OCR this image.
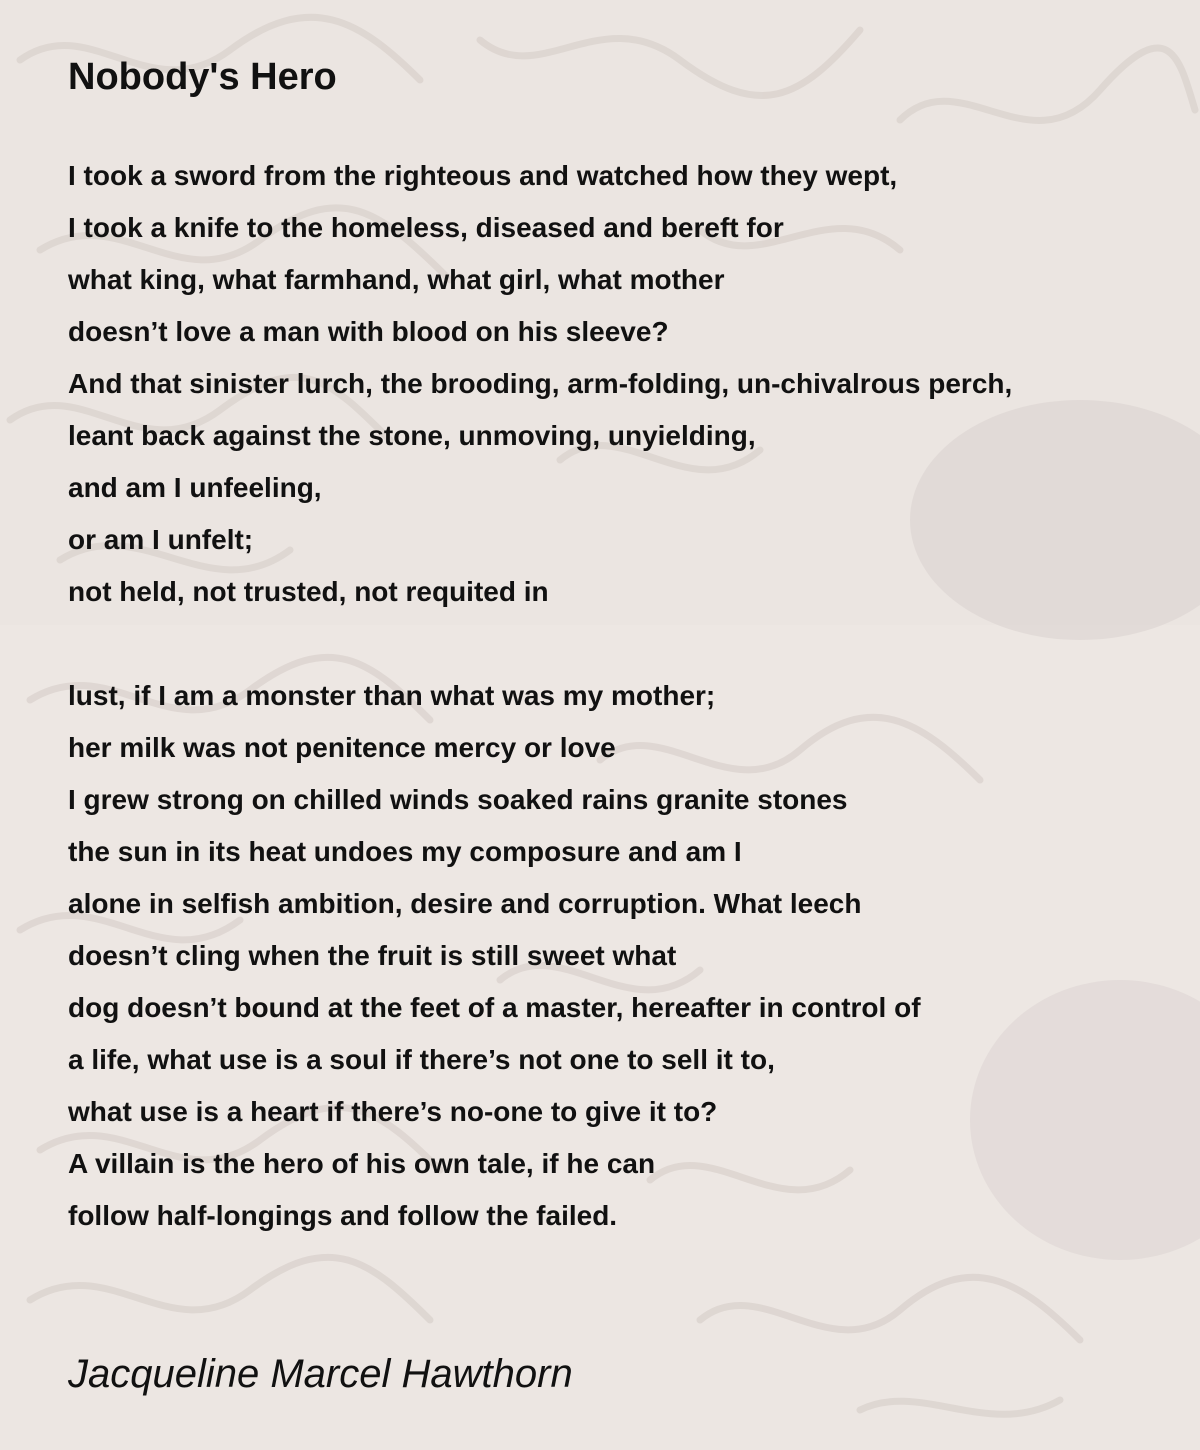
Nobody's Hero
I took a sword from the righteous and watched how they wept,
I took a knife to the homeless, diseased and bereft for
what king, what farmhand, what girl, what mother
doesn’t love a man with blood on his sleeve?
And that sinister lurch, the brooding, arm-folding, un-chivalrous perch,
leant back against the stone, unmoving, unyielding,
and am I unfeeling,
or am I unfelt;
not held, not trusted, not requited in
lust, if I am a monster than what was my mother;
her milk was not penitence mercy or love
I grew strong on chilled winds soaked rains granite stones
the sun in its heat undoes my composure and am I
alone in selfish ambition, desire and corruption. What leech
doesn’t cling when the fruit is still sweet what
dog doesn’t bound at the feet of a master, hereafter in control of
a life, what use is a soul if there’s not one to sell it to,
what use is a heart if there’s no-one to give it to?
A villain is the hero of his own tale, if he can
follow half-longings and follow the failed.
Jacqueline Marcel Hawthorn
